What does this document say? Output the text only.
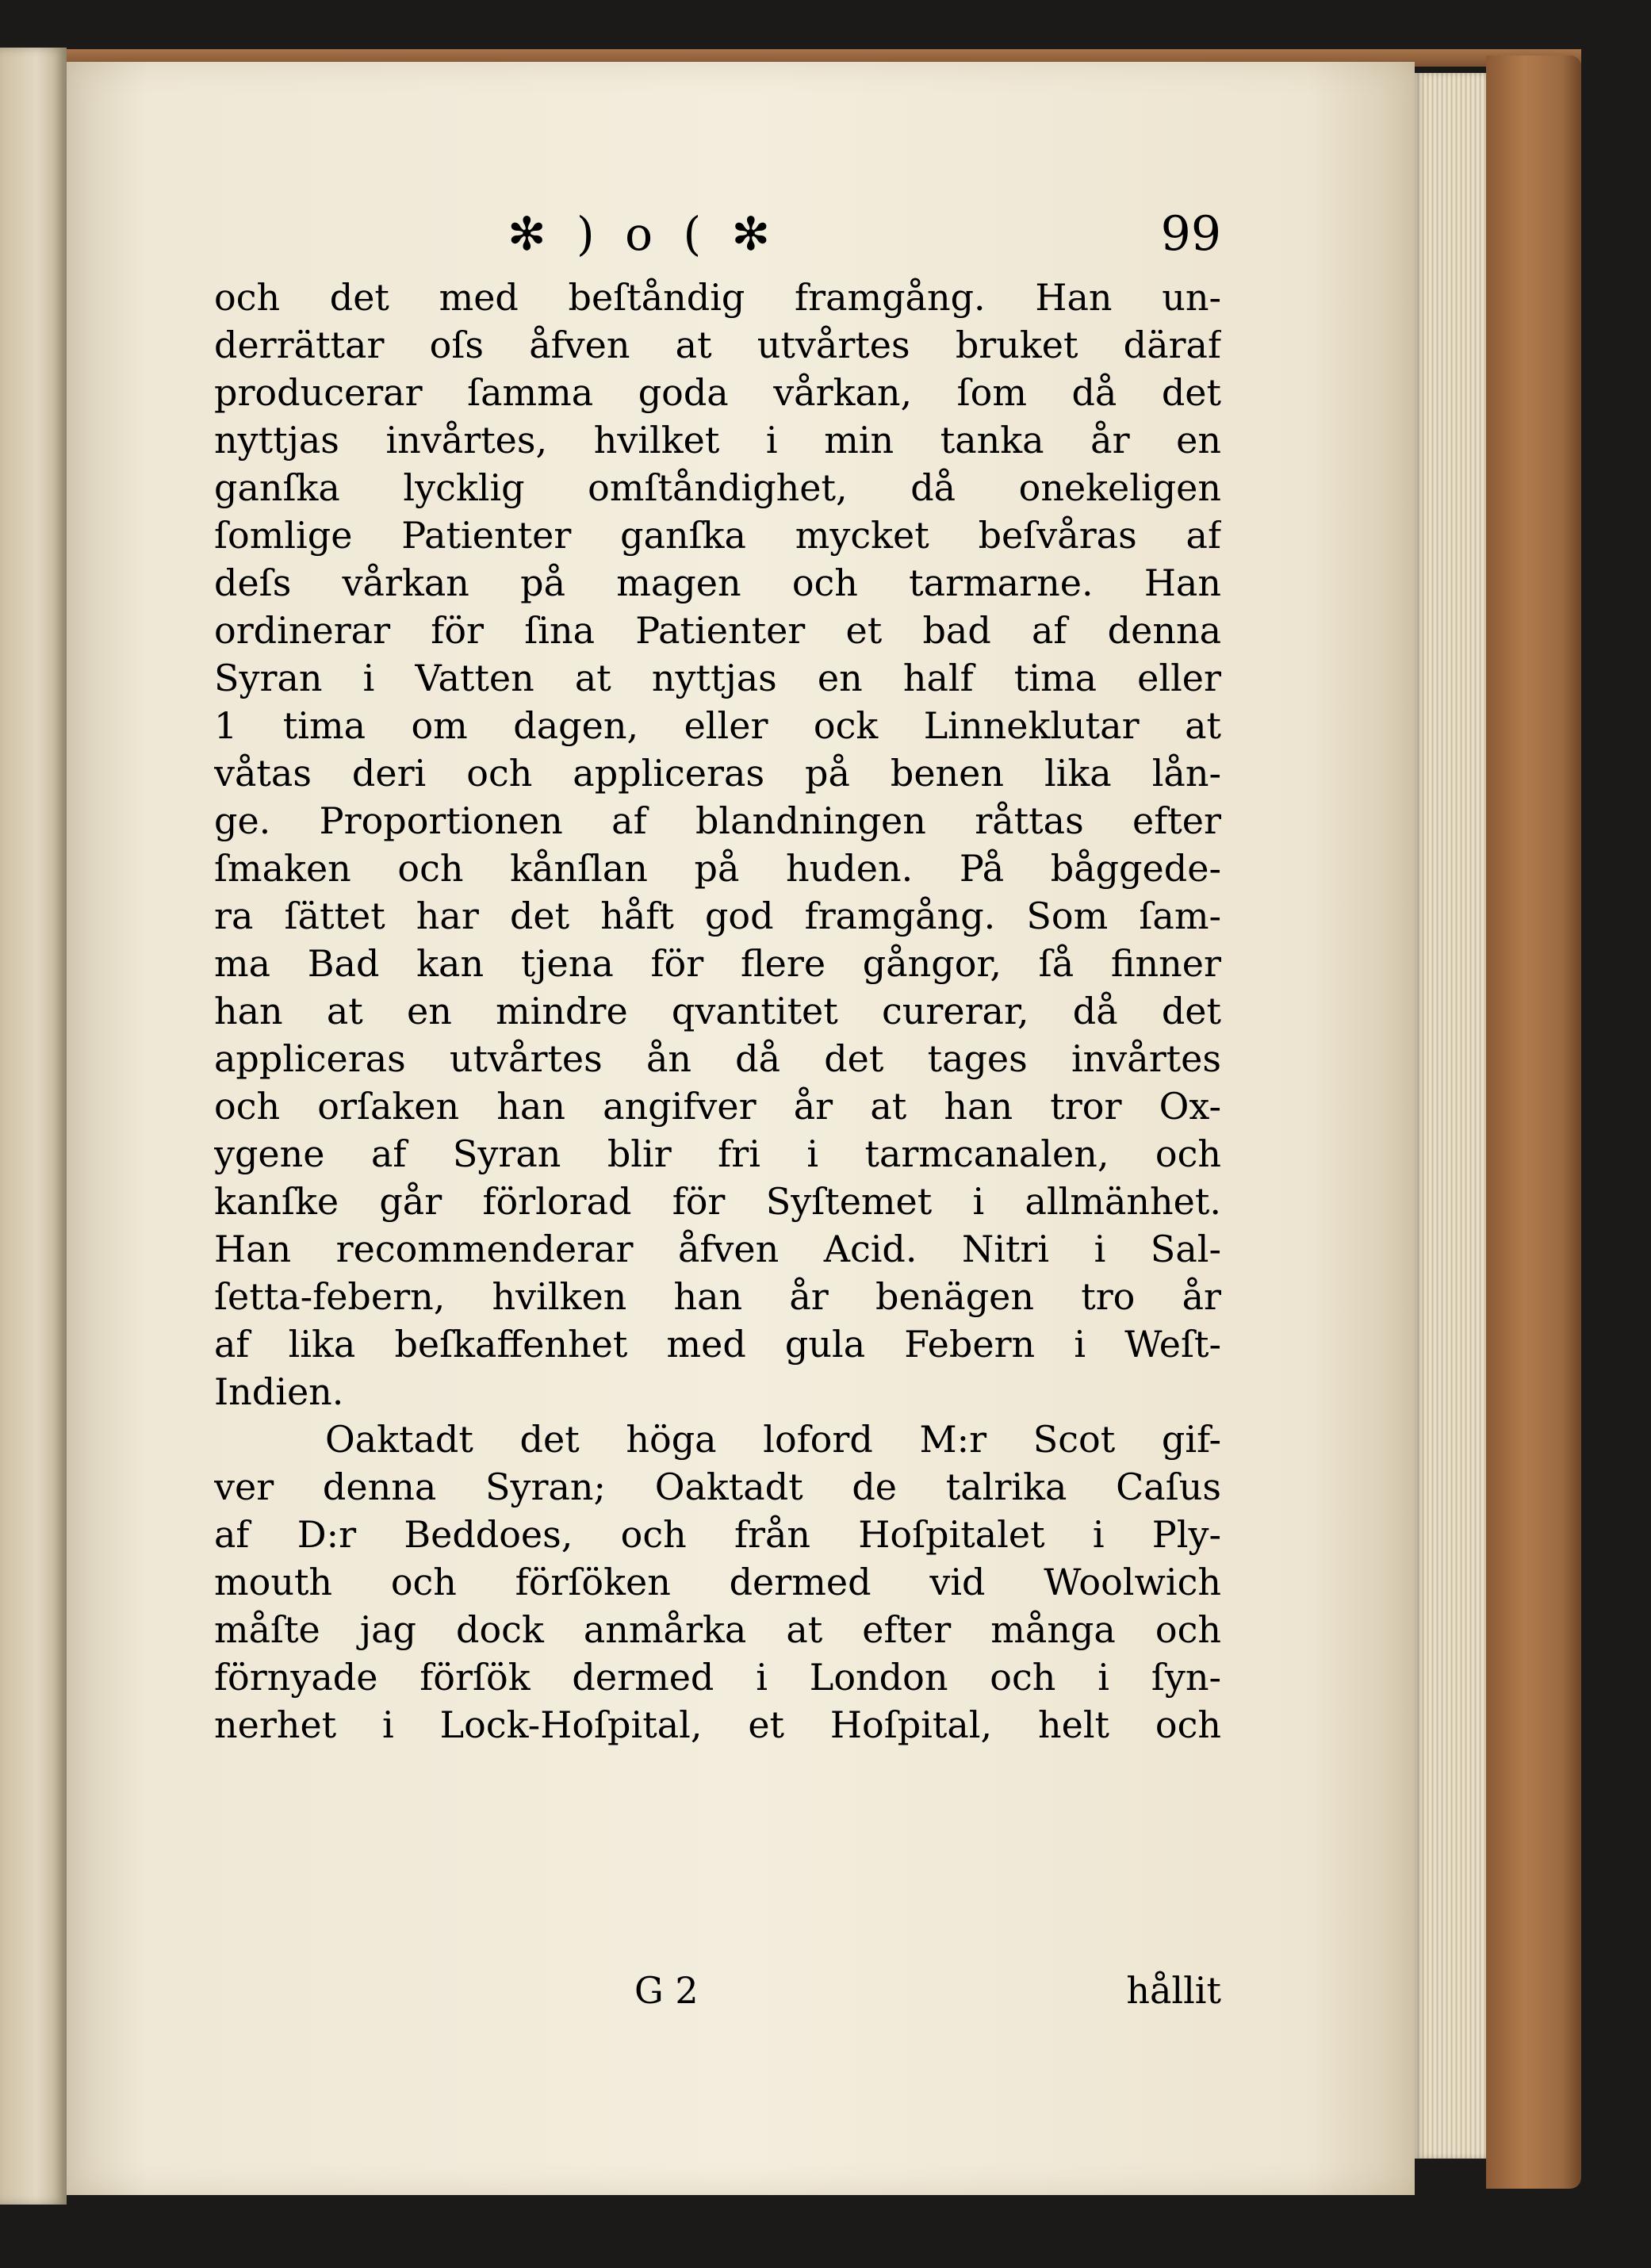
✻ ) o ( ✻	99
och det med beſtåndig framgång. Han un-
derrättar oſs åfven at utvårtes bruket däraf
producerar ſamma goda vårkan, ſom då det
nyttjas invårtes, hvilket i min tanka år en
ganſka lycklig omſtåndighet, då onekeligen
ſomlige Patienter ganſka mycket beſvåras af
deſs vårkan på magen och tarmarne. Han
ordinerar för ſina Patienter et bad af denna
Syran i Vatten at nyttjas en half tima eller
1 tima om dagen, eller ock Linneklutar at
våtas deri och appliceras på benen lika lån-
ge. Proportionen af blandningen råttas efter
ſmaken och kånſlan på huden. På båggede-
ra ſättet har det håft god framgång. Som ſam-
ma Bad kan tjena för flere gångor, ſå finner
han at en mindre qvantitet curerar, då det
appliceras utvårtes ån då det tages invårtes
och orſaken han angifver år at han tror Ox-
ygene af Syran blir fri i tarmcanalen, och
kanſke går förlorad för Syſtemet i allmänhet.
Han recommenderar åfven Acid. Nitri i Sal-
ſetta-febern, hvilken han år benägen tro år
af lika beſkaffenhet med gula Febern i Weſt-
Indien.
Oaktadt det höga loford M:r Scot gif-
ver denna Syran; Oaktadt de talrika Caſus
af D:r Beddoes, och från Hoſpitalet i Ply-
mouth och förſöken dermed vid Woolwich
måſte jag dock anmårka at efter många och
förnyade förſök dermed i London och i ſyn-
nerhet i Lock-Hoſpital, et Hoſpital, helt och
G 2	hållit
